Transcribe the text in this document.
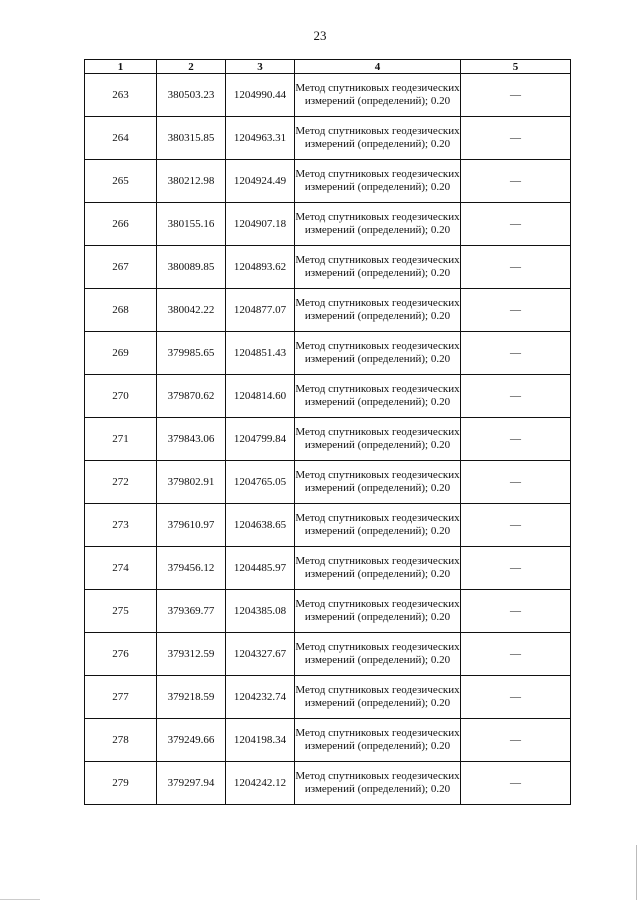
23
1	2	3	4	5
263	380503.23	1204990.44	Метод спутниковых геодезических измерений (определений); 0.20	—
264	380315.85	1204963.31	Метод спутниковых геодезических измерений (определений); 0.20	—
265	380212.98	1204924.49	Метод спутниковых геодезических измерений (определений); 0.20	—
266	380155.16	1204907.18	Метод спутниковых геодезических измерений (определений); 0.20	—
267	380089.85	1204893.62	Метод спутниковых геодезических измерений (определений); 0.20	—
268	380042.22	1204877.07	Метод спутниковых геодезических измерений (определений); 0.20	—
269	379985.65	1204851.43	Метод спутниковых геодезических измерений (определений); 0.20	—
270	379870.62	1204814.60	Метод спутниковых геодезических измерений (определений); 0.20	—
271	379843.06	1204799.84	Метод спутниковых геодезических измерений (определений); 0.20	—
272	379802.91	1204765.05	Метод спутниковых геодезических измерений (определений); 0.20	—
273	379610.97	1204638.65	Метод спутниковых геодезических измерений (определений); 0.20	—
274	379456.12	1204485.97	Метод спутниковых геодезических измерений (определений); 0.20	—
275	379369.77	1204385.08	Метод спутниковых геодезических измерений (определений); 0.20	—
276	379312.59	1204327.67	Метод спутниковых геодезических измерений (определений); 0.20	—
277	379218.59	1204232.74	Метод спутниковых геодезических измерений (определений); 0.20	—
278	379249.66	1204198.34	Метод спутниковых геодезических измерений (определений); 0.20	—
279	379297.94	1204242.12	Метод спутниковых геодезических измерений (определений); 0.20	—
